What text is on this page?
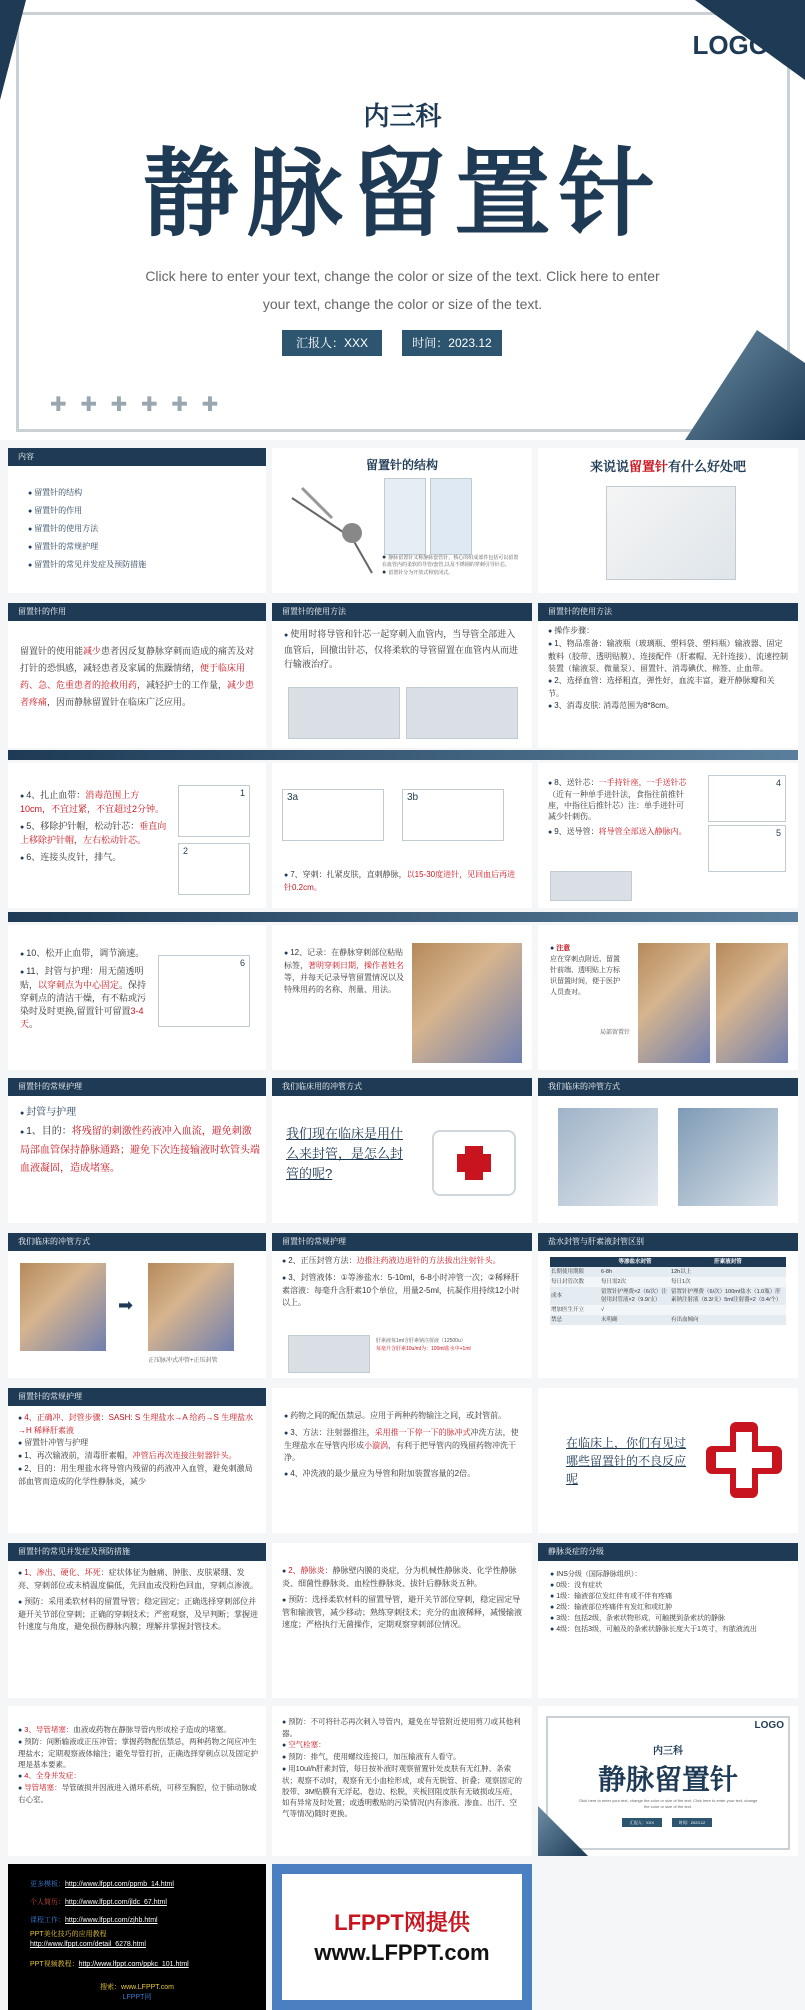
LOGO
内三科
静脉留置针
Click here to enter your text, change the color or size of the text. Click here to enter your text, change the color or size of the text.
汇报人：XXX	时间：2023.12
✚ ✚ ✚ ✚ ✚ ✚
内容
● 留置针的结构
● 留置针的作用
● 留置针的使用方法
● 留置针的常规护理
● 留置针的常见并发症及预防措施
留置针的结构
● 静脉留置针又称静脉套管针，核心的组成部件包括可以留置在血管内的柔软的导管/套管,以及不锈钢的穿刺引导针芯。
● 留置针分为开放式和密闭式。
来说说留置针有什么好处吧
留置针的作用
留置针的使用能减少患者因反复静脉穿刺而造成的痛苦及对打针的恐惧感，减轻患者及家属的焦躁情绪，便于临床用药、急、危重患者的抢救用药，减轻护士的工作量，减少患者疼痛，因而静脉留置针在临床广泛应用。
留置针的使用方法
● 使用时将导管和针芯一起穿刺入血管内，当导管全部进入血管后，回撤出针芯，仅将柔软的导管留置在血管内从而进行输液治疗。
留置针的使用方法
● 操作步骤：
● 1、物品准备：输液瓶（玻璃瓶、塑料袋、塑料瓶）输液器、固定敷料（胶带、透明贴膜）、连接配件（肝素帽、无针连接）、流速控制装置（输液泵、微量泵）、留置针、消毒碘伏、棉签、止血带。
● 2、选择血管：选择粗直，弹性好，血流丰富，避开静脉瓣和关节。
● 3、消毒皮肤: 消毒范围为8*8cm。
● 4、扎止血带：消毒范围上方10cm，不宜过紧，不宜超过2分钟。
● 5、移除护针帽，松动针芯：垂直向上移除护针帽，左右松动针芯。
● 6、连接头皮针，排气。
1
2
3a	3b
● 7、穿刺：扎紧皮肤，直刺静脉，以15-30度进针，见回血后再进针0.2cm。
● 8、送针芯：一手持针座，一手送针芯（近有一种单手进针法，食指往前推针座，中指往后推针芯）注：单手进针可减少针刺伤。
● 9、送导管：将导管全部送入静脉内。
4
5
● 10、松开止血带，调节滴速。
● 11、封管与护理：用无菌透明贴，以穿刺点为中心固定。保持穿刺点的清洁干燥，有不粘或污染时及时更换,留置针可留置3-4天。
6
● 12、记录：在静脉穿刺部位粘贴标签，著明穿刺日期，操作者姓名等，并每天记录导管留置情况以及特殊用药的名称、剂量、用法。
● 注意
应在穿刺点附近、留置针前端、透明贴上方标识留置时间，便于医护人员查对。
局部留置针
留置针的常规护理
● 封管与护理
● 1、目的：将残留的刺激性药液冲入血流，避免刺激局部血管保持静脉通路；避免下次连接输液时软管头端血液凝固，造成堵塞。
我们临床用的冲管方式
我们现在临床是用什么来封管，是怎么封管的呢?
我们临床的冲管方式
我们临床的冲管方式
➡
正压脉冲式冲管+正压封管
留置针的常规护理
● 2、正压封管方法：边推注药液边退针的方法拔出注射针头。
● 3、封管液体：①等渗盐水：5-10ml，6-8小时冲管一次；②稀释肝素溶液：每毫升含肝素10个单位，用量2-5ml，抗凝作用持续12小时以上。
肝素液每1ml含肝素钠注射液（12500u）
每毫升含肝素10u/ml为：100ml盐水中+1ml
盐水封管与肝素液封管区别
	等渗盐水封管	肝素液封管
长期使用期限	6-8h	12h以上
每日封管次数	每日需2次	每日1次
成本	留置针护理费×2（6/次）注射用封管液×2（9.9/支）	留置针护理费（6/次）100ml盐水（1.0瓶）肝素钠注射液（8.3/支）5ml注射器×2（0.4/个）
增加医生开立	√	
禁忌	未明确	有出血倾向
留置针的常规护理
● 4、正确冲、封管步骤：SASH: S 生理盐水→A 给药→S 生理盐水→H 稀释肝素液
● 留置针冲管与护理
● 1、再次输液前，清毒肝素帽，冲管后再次连接注射器针头。
● 2、目的：用生理盐水将导管内残留的药液冲入血管，避免刺激局部血管而造成的化学性静脉炎，减少
● 药物之间的配伍禁忌。应用于两种药物输注之间，或封管前。
● 3、方法：注射器推注，采用推一下停一下的脉冲式冲洗方法，使生理盐水在导管内形成小漩涡，有利于把导管内的残留药物冲洗干净。
● 4、冲洗液的最少量应为导管和附加装置容量的2倍。
在临床上，你们有见过哪些留置针的不良反应呢
留置针的常见并发症及预防措施
● 1、渗出、硬化、坏死：症状体征为触痛、肿胀、皮肤紧绷、发亮、穿刺部位或末梢温度偏低，先回血或没粉色回血，穿刺点渗液。
● 预防：采用柔软材料的留置导管；稳定固定；正确选择穿刺部位并避开关节部位穿刺；正确的穿刺技术；严密观察，及早判断；掌握进针速度与角度，避免损伤静脉内膜；理解并掌握封管技术。
● 2、静脉炎：静脉壁内膜的炎症，分为机械性静脉炎、化学性静脉炎、细菌性静脉炎、血栓性静脉炎、拔针后静脉炎五种。
● 预防：选择柔软材料的留置导管，避开关节部位穿刺，稳定固定导管和输液管，减少移动；熟练穿刺技术；充分的血液稀释，减慢输液速度；严格执行无菌操作，定期观察穿刺部位情况。
静脉炎症的分级
● INS分级（国际静脉组织）：
● 0级：没有症状
● 1级：输液部位发红伴有或不伴有疼痛
● 2级：输液部位疼痛伴有发红和或红肿
● 3级：包括2级，条索状物形成，可触摸到条索状的静脉
● 4级：包括3级，可触及的条索状静脉长度大于1英寸，有脓液流出
● 3、导管堵塞：血液或药物在静脉导管内形成栓子造成的堵塞。
● 预防：间断输液或正压冲管；掌握药物配伍禁忌，两种药物之间应冲生理盐水；定期观察液体输注；避免导管打折，正确选择穿刺点以及固定护理是基本要素。
● 4、全身并发症：
● 导管堵塞：导管破损并因液进入循环系统，可移至胸腔，位于肺动脉或右心室。
● 预防：不可将针芯再次刺入导管内，避免在导管附近使用剪刀或其他利器。
● 空气栓塞：
● 预防：排气，使用螺纹连接口，加压输液有人看守。
● 用10ul/h肝素封管，每日按补液时观察留置针处皮肤有无红肿、条索状；观察不动时，观察有无小血栓形成，或有无脱管、折叠；观察固定的胶带、3M贴膜有无浮起、卷边、松脱，夹板回阻皮肤有无破损或压疮，如有异常及时处置；或透明敷贴的污染情况(内有渗液、渗血、出汗、空气等情况)随时更换。
LOGO
内三科
静脉留置针
Click here to enter your text, change the color or size of the text. Click here to enter your text, change the color or size of the text.
汇报人：XXX	时间：2023.12
更多模板：http://www.lfppt.com/ppmb_14.html
个人简历：http://www.lfppt.com/jldc_67.html
课程工作：http://www.lfppt.com/zjhb.html
PPT美化技巧的应用教程
http://www.lfppt.com/detail_6278.html
PPT视频教程：http://www.lfppt.com/ppkc_101.html
搜索：www.LFPPT.com
LFPPT网
LFPPT网提供
www.LFPPT.com
